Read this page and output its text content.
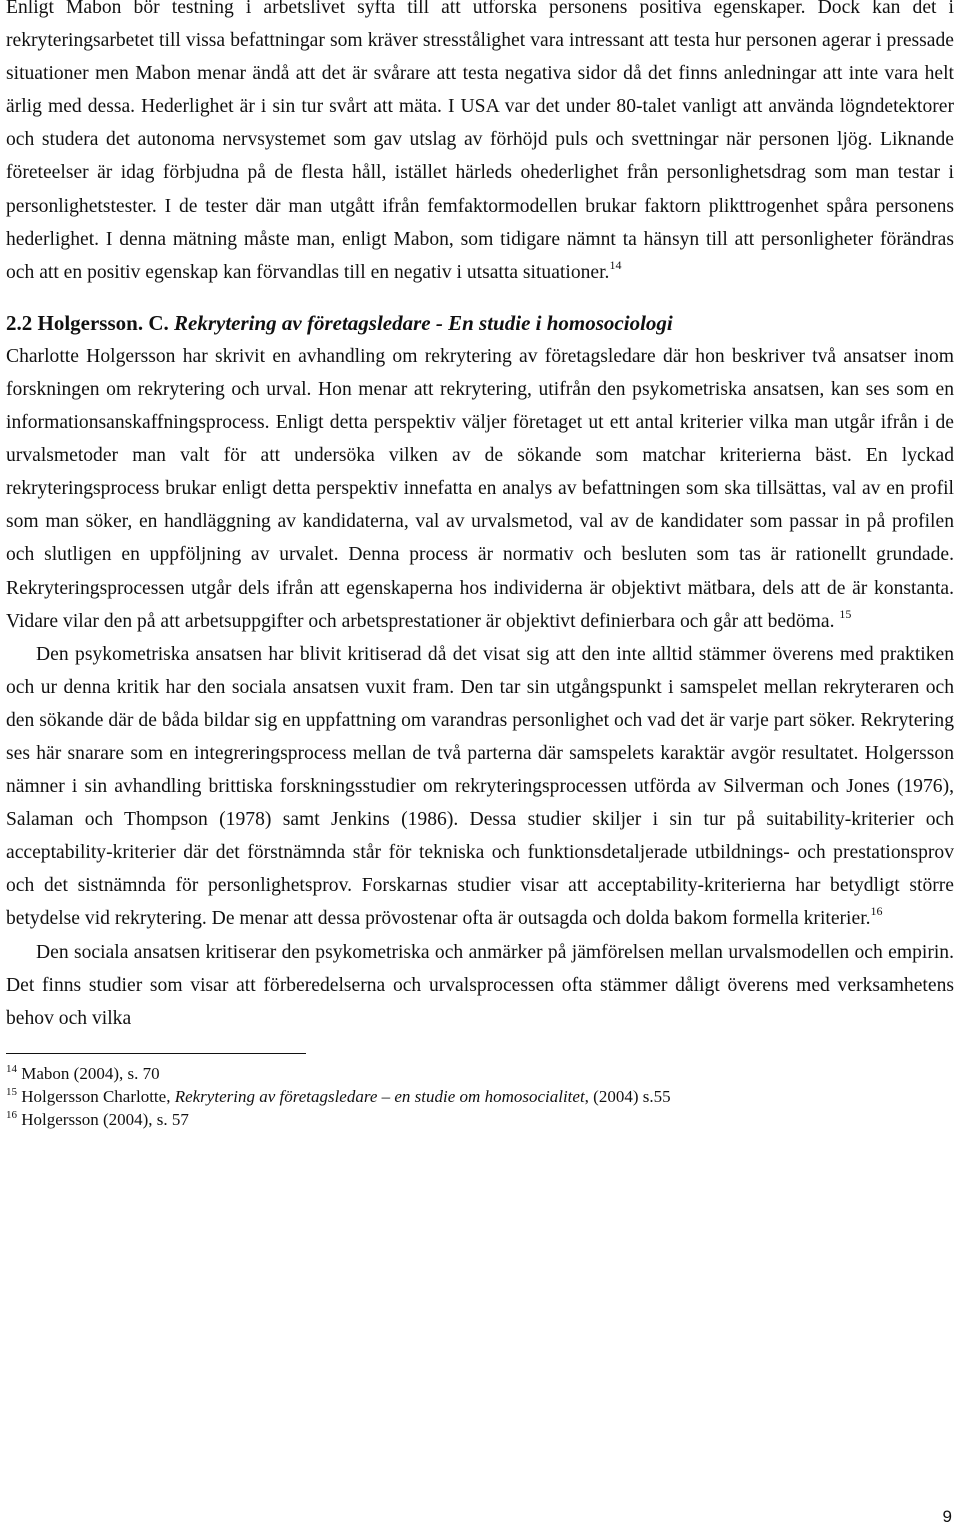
Enligt Mabon bör testning i arbetslivet syfta till att utforska personens positiva egenskaper. Dock kan det i rekryteringsarbetet till vissa befattningar som kräver stresstålighet vara intressant att testa hur personen agerar i pressade situationer men Mabon menar ändå att det är svårare att testa negativa sidor då det finns anledningar att inte vara helt ärlig med dessa. Hederlighet är i sin tur svårt att mäta. I USA var det under 80-talet vanligt att använda lögndetektorer och studera det autonoma nervsystemet som gav utslag av förhöjd puls och svettningar när personen ljög. Liknande företeelser är idag förbjudna på de flesta håll, istället härleds ohederlighet från personlighetsdrag som man testar i personlighetstester. I de tester där man utgått ifrån femfaktormodellen brukar faktorn plikttrogenhet spåra personens hederlighet. I denna mätning måste man, enligt Mabon, som tidigare nämnt ta hänsyn till att personligheter förändras och att en positiv egenskap kan förvandlas till en negativ i utsatta situationer.$^{14}$

2.2 Holgersson. C. Rekrytering av företagsledare - En studie i homosociologi

Charlotte Holgersson har skrivit en avhandling om rekrytering av företagsledare där hon beskriver två ansatser inom forskningen om rekrytering och urval. Hon menar att rekrytering, utifrån den psykometriska ansatsen, kan ses som en informationsanskaffningsprocess. Enligt detta perspektiv väljer företaget ut ett antal kriterier vilka man utgår ifrån i de urvalsmetoder man valt för att undersöka vilken av de sökande som matchar kriterierna bäst. En lyckad rekryteringsprocess brukar enligt detta perspektiv innefatta en analys av befattningen som ska tillsättas, val av en profil som man söker, en handläggning av kandidaterna, val av urvalsmetod, val av de kandidater som passar in på profilen och slutligen en uppföljning av urvalet. Denna process är normativ och besluten som tas är rationellt grundade. Rekryteringsprocessen utgår dels ifrån att egenskaperna hos individerna är objektivt mätbara, dels att de är konstanta. Vidare vilar den på att arbetsuppgifter och arbetsprestationer är objektivt definierbara och går att bedöma. $^{15}$

Den psykometriska ansatsen har blivit kritiserad då det visat sig att den inte alltid stämmer överens med praktiken och ur denna kritik har den sociala ansatsen vuxit fram. Den tar sin utgångspunkt i samspelet mellan rekryteraren och den sökande där de båda bildar sig en uppfattning om varandras personlighet och vad det är varje part söker. Rekrytering ses här snarare som en integreringsprocess mellan de två parterna där samspelets karaktär avgör resultatet. Holgersson nämner i sin avhandling brittiska forskningsstudier om rekryteringsprocessen utförda av Silverman och Jones (1976), Salaman och Thompson (1978) samt Jenkins (1986). Dessa studier skiljer i sin tur på suitability-kriterier och acceptability-kriterier där det förstnämnda står för tekniska och funktionsdetaljerade utbildnings- och prestationsprov och det sistnämnda för personlighetsprov. Forskarnas studier visar att acceptability-kriterierna har betydligt större betydelse vid rekrytering. De menar att dessa prövostenar ofta är outsagda och dolda bakom formella kriterier.$^{16}$

Den sociala ansatsen kritiserar den psykometriska och anmärker på jämförelsen mellan urvalsmodellen och empirin. Det finns studier som visar att förberedelserna och urvalsprocessen ofta stämmer dåligt överens med verksamhetens behov och vilka

$^{14}$ Mabon (2004), s. 70

$^{15}$ Holgersson Charlotte, Rekrytering av företagsledare – en studie om homosocialitet, (2004) s.55

$^{16}$ Holgersson (2004), s. 57

9
